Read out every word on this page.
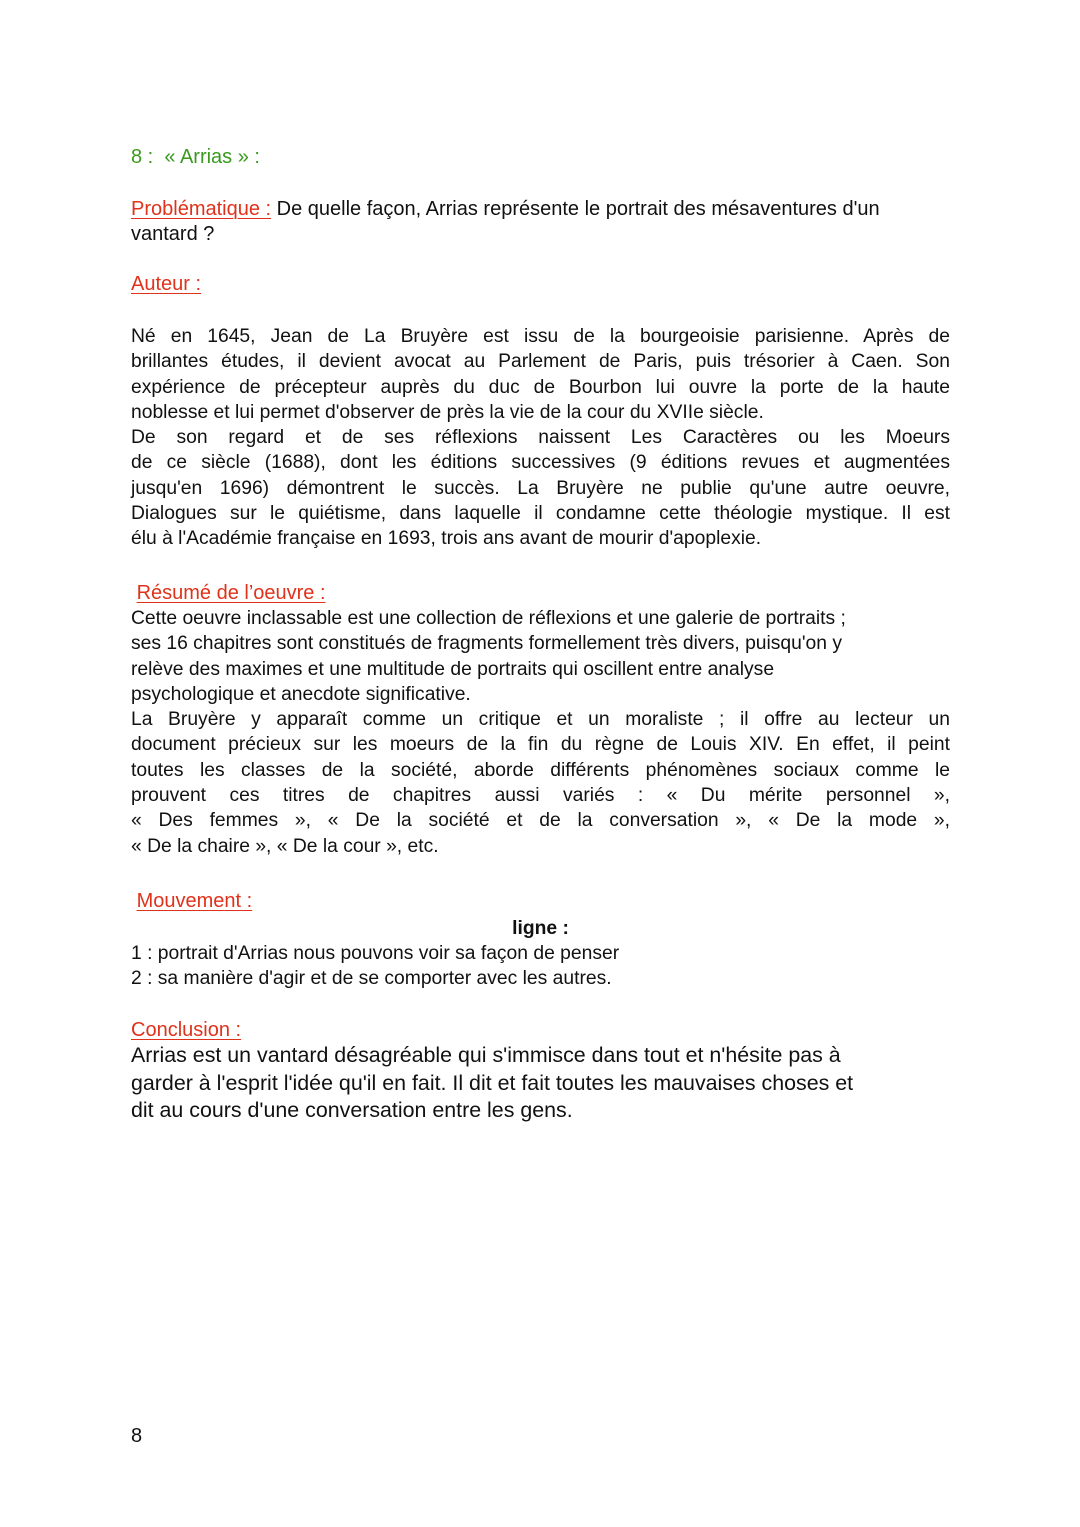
8 : « Arrias » :
Problématique : De quelle façon, Arrias représente le portrait des mésaventures d'un
vantard ?
Auteur :
Né en 1645, Jean de La Bruyère est issu de la bourgeoisie parisienne. Après de
brillantes études, il devient avocat au Parlement de Paris, puis trésorier à Caen. Son
expérience de précepteur auprès du duc de Bourbon lui ouvre la porte de la haute
noblesse et lui permet d'observer de près la vie de la cour du XVIIe siècle.
De son regard et de ses réflexions naissent Les Caractères ou les Moeurs
de ce siècle (1688), dont les éditions successives (9 éditions revues et augmentées
jusqu'en 1696) démontrent le succès. La Bruyère ne publie qu'une autre oeuvre,
Dialogues sur le quiétisme, dans laquelle il condamne cette théologie mystique. Il est
élu à l'Académie française en 1693, trois ans avant de mourir d'apoplexie.
Résumé de l’oeuvre :
Cette oeuvre inclassable est une collection de réflexions et une galerie de portraits ;
ses 16 chapitres sont constitués de fragments formellement très divers, puisqu'on y
relève des maximes et une multitude de portraits qui oscillent entre analyse
psychologique et anecdote significative.
La Bruyère y apparaît comme un critique et un moraliste ; il offre au lecteur un
document précieux sur les moeurs de la fin du règne de Louis XIV. En effet, il peint
toutes les classes de la société, aborde différents phénomènes sociaux comme le
prouvent ces titres de chapitres aussi variés : « Du mérite personnel »,
« Des femmes », « De la société et de la conversation », « De la mode »,
« De la chaire », « De la cour », etc.
Mouvement :
ligne :
1 : portrait d'Arrias nous pouvons voir sa façon de penser
2 : sa manière d'agir et de se comporter avec les autres.
Conclusion :
Arrias est un vantard désagréable qui s'immisce dans tout et n'hésite pas à
garder à l'esprit l'idée qu'il en fait. Il dit et fait toutes les mauvaises choses et
dit au cours d'une conversation entre les gens.
8
